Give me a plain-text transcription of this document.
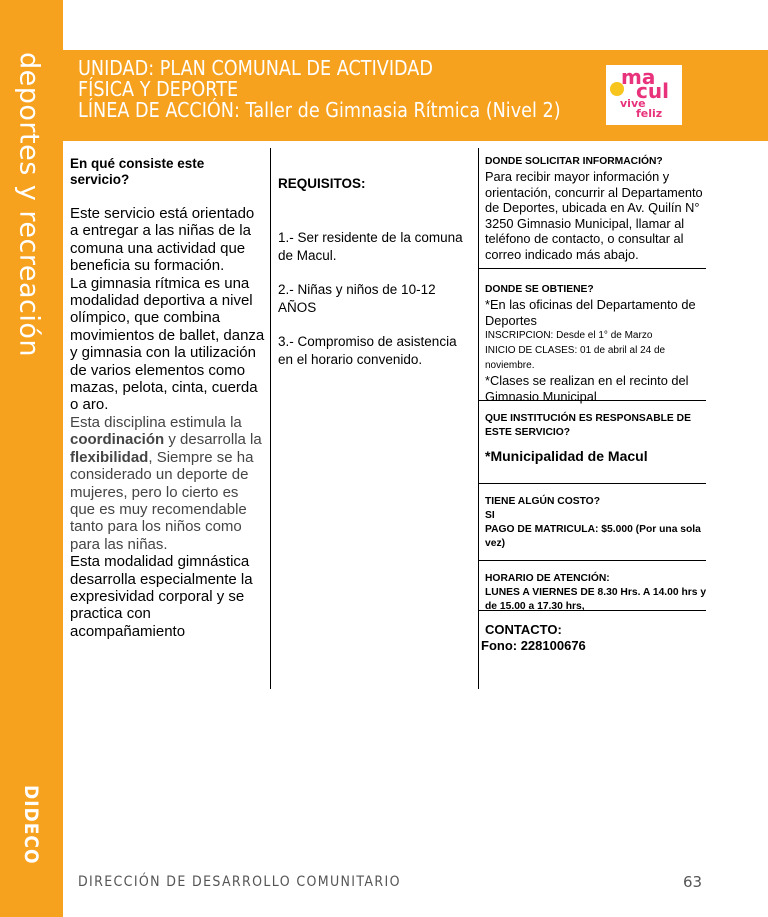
deportes y recreación
DIDECO
UNIDAD: PLAN COMUNAL DE ACTIVIDAD
FÍSICA Y DEPORTE
LÍNEA DE ACCIÓN: Taller de Gimnasia Rítmica (Nivel 2)
ma
cul
vive
feliz
En qué consiste este servicio?
Este servicio está orientado a entregar a las niñas de la comuna una actividad que beneficia su formación.
La gimnasia rítmica es una modalidad deportiva a nivel olímpico, que combina movimientos de ballet, danza y gimnasia con la utilización de varios elementos como mazas, pelota, cinta, cuerda o aro.
Esta disciplina estimula la coordinación y desarrolla la flexibilidad, Siempre se ha considerado un deporte de mujeres, pero lo cierto es que es muy recomendable tanto para los niños como para las niñas.
Esta modalidad gimnástica desarrolla especialmente la expresividad corporal y se practica con acompañamiento
REQUISITOS:

1.- Ser residente de la comuna de Macul.

2.- Niñas y niños de 10-12 AÑOS

3.- Compromiso de asistencia en el horario convenido.

DONDE SOLICITAR INFORMACIÓN?
Para recibir mayor información y orientación, concurrir al Departamento de Deportes, ubicada en Av. Quilín N° 3250 Gimnasio Municipal, llamar al teléfono de contacto, o consultar al correo indicado más abajo.
DONDE SE OBTIENE?
*En las oficinas del Departamento de Deportes
INSCRIPCION: Desde el 1° de Marzo
INICIO DE CLASES: 01 de abril al 24 de noviembre.
*Clases se realizan en el recinto del Gimnasio Municipal
QUE INSTITUCIÓN ES RESPONSABLE DE ESTE SERVICIO?
*Municipalidad de Macul
TIENE ALGÚN COSTO?
SI
PAGO DE MATRICULA: $5.000 (Por una sola vez)
HORARIO DE ATENCIÓN:
LUNES A VIERNES DE 8.30 Hrs. A 14.00 hrs y de 15.00 a 17.30 hrs,
CONTACTO:
Fono: 228100676
DIRECCIÓN DE DESARROLLO COMUNITARIO	63
